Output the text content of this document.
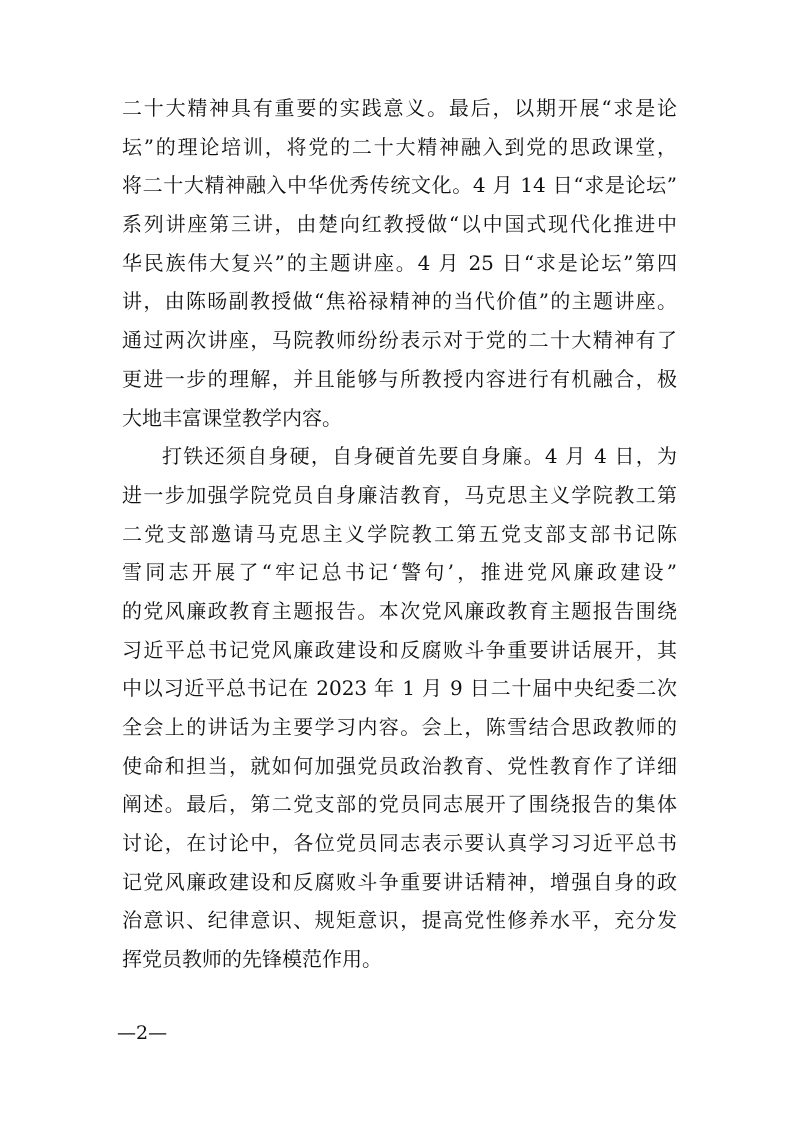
二十大精神具有重要的实践意义。最后，以期开展“求是论
坛”的理论培训，将党的二十大精神融入到党的思政课堂，
将二十大精神融入中华优秀传统文化。4 月 14 日“求是论坛”
系列讲座第三讲，由楚向红教授做“以中国式现代化推进中
华民族伟大复兴”的主题讲座。4 月 25 日“求是论坛”第四
讲，由陈旸副教授做“焦裕禄精神的当代价值”的主题讲座。
通过两次讲座，马院教师纷纷表示对于党的二十大精神有了
更进一步的理解，并且能够与所教授内容进行有机融合，极
大地丰富课堂教学内容。
打铁还须自身硬，自身硬首先要自身廉。4 月 4 日，为
进一步加强学院党员自身廉洁教育，马克思主义学院教工第
二党支部邀请马克思主义学院教工第五党支部支部书记陈
雪同志开展了“牢记总书记‘警句’，推进党风廉政建设”
的党风廉政教育主题报告。本次党风廉政教育主题报告围绕
习近平总书记党风廉政建设和反腐败斗争重要讲话展开，其
中以习近平总书记在 2023 年 1 月 9 日二十届中央纪委二次
全会上的讲话为主要学习内容。会上，陈雪结合思政教师的
使命和担当，就如何加强党员政治教育、党性教育作了详细
阐述。最后，第二党支部的党员同志展开了围绕报告的集体
讨论，在讨论中，各位党员同志表示要认真学习习近平总书
记党风廉政建设和反腐败斗争重要讲话精神，增强自身的政
治意识、纪律意识、规矩意识，提高党性修养水平，充分发
挥党员教师的先锋模范作用。
—2—
